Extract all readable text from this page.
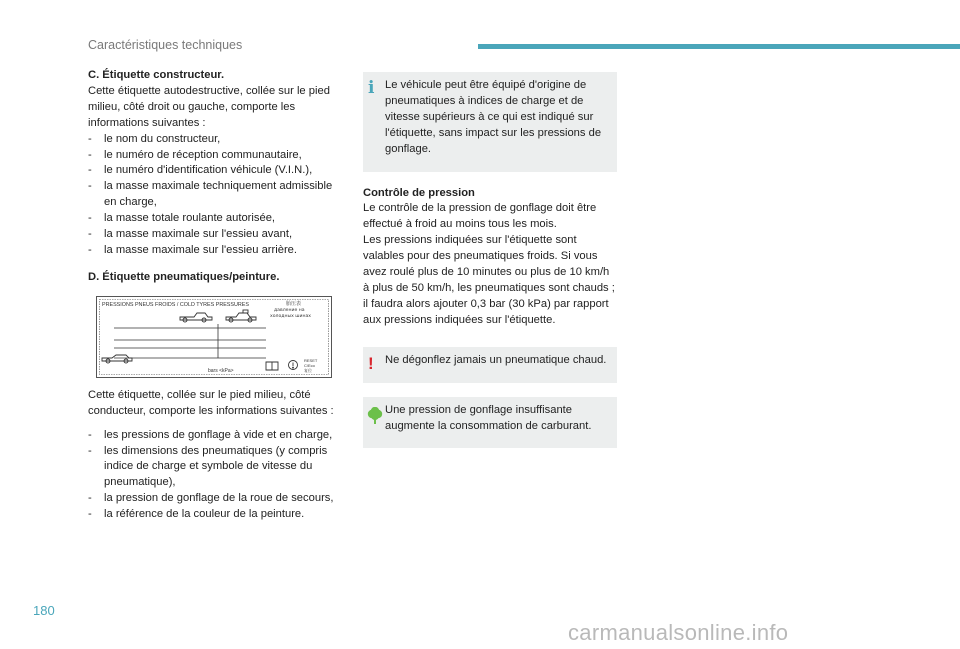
Caractéristiques techniques

C. Étiquette constructeur.

Cette étiquette autodestructive, collée sur le pied milieu, côté droit ou gauche, comporte les informations suivantes :

- le nom du constructeur,
- le numéro de réception communautaire,
- le numéro d'identification véhicule (V.I.N.),
- la masse maximale techniquement admissible en charge,
- la masse totale roulante autorisée,
- la masse maximale sur l'essieu avant,
- la masse maximale sur l'essieu arrière.

D. Étiquette pneumatiques/peinture.

PRESSIONS PNEUS FROIDS / COLD TYRES PRESSURES	胎压表
давление на
холодных шинах
bars <kPa>
RESET
C/Eco
复位

Cette étiquette, collée sur le pied milieu, côté conducteur, comporte les informations suivantes :

- les pressions de gonflage à vide et en charge,
- les dimensions des pneumatiques (y compris indice de charge et symbole de vitesse du pneumatique),
- la pression de gonflage de la roue de secours,
- la référence de la couleur de la peinture.
i Le véhicule peut être équipé d'origine de pneumatiques à indices de charge et de vitesse supérieurs à ce qui est indiqué sur l'étiquette, sans impact sur les pressions de gonflage.

Contrôle de pression

Le contrôle de la pression de gonflage doit être effectué à froid au moins tous les mois.

Les pressions indiquées sur l'étiquette sont valables pour des pneumatiques froids. Si vous avez roulé plus de 10 minutes ou plus de 10 km/h à plus de 50 km/h, les pneumatiques sont chauds ; il faudra alors ajouter 0,3 bar (30 kPa) par rapport aux pressions indiquées sur l'étiquette.

! Ne dégonflez jamais un pneumatique chaud.

Une pression de gonflage insuffisante augmente la consommation de carburant.

180
carmanualsonline.info
